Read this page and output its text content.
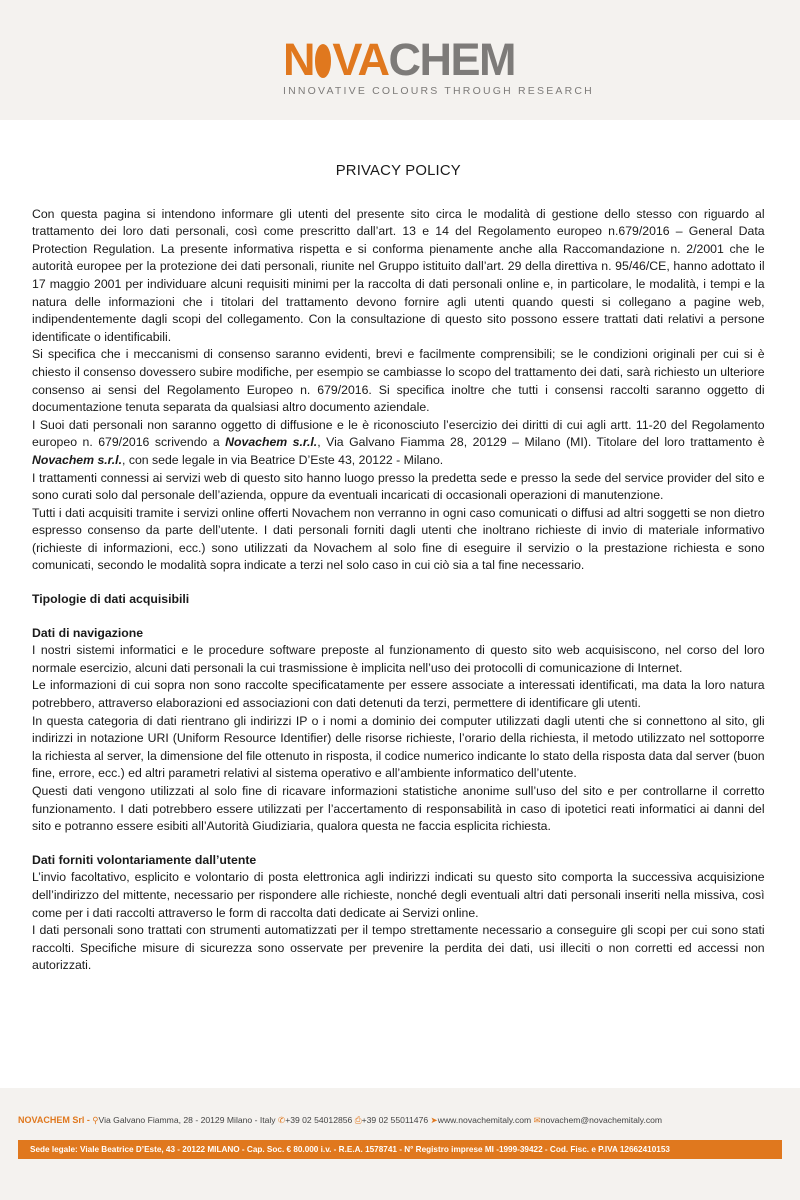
N VA CHEM
INNOVATIVE COLOURS THROUGH RESEARCH
PRIVACY POLICY

Con questa pagina si intendono informare gli utenti del presente sito circa le modalità di gestione dello stesso con riguardo al trattamento dei loro dati personali, così come prescritto dall’art. 13 e 14 del Regolamento europeo n.679/2016 – General Data Protection Regulation. La presente informativa rispetta e si conforma pienamente anche alla Raccomandazione n. 2/2001 che le autorità europee per la protezione dei dati personali, riunite nel Gruppo istituito dall’art. 29 della direttiva n. 95/46/CE, hanno adottato il 17 maggio 2001 per individuare alcuni requisiti minimi per la raccolta di dati personali online e, in particolare, le modalità, i tempi e la natura delle informazioni che i titolari del trattamento devono fornire agli utenti quando questi si collegano a pagine web, indipendentemente dagli scopi del collegamento. Con la consultazione di questo sito possono essere trattati dati relativi a persone identificate o identificabili.

Si specifica che i meccanismi di consenso saranno evidenti, brevi e facilmente comprensibili; se le condizioni originali per cui si è chiesto il consenso dovessero subire modifiche, per esempio se cambiasse lo scopo del trattamento dei dati, sarà richiesto un ulteriore consenso ai sensi del Regolamento Europeo n. 679/2016. Si specifica inoltre che tutti i consensi raccolti saranno oggetto di documentazione tenuta separata da qualsiasi altro documento aziendale.

I Suoi dati personali non saranno oggetto di diffusione e le è riconosciuto l’esercizio dei diritti di cui agli artt. 11-20 del Regolamento europeo n. 679/2016 scrivendo a Novachem s.r.l., Via Galvano Fiamma 28, 20129 – Milano (MI). Titolare del loro trattamento è Novachem s.r.l., con sede legale in via Beatrice D’Este 43, 20122 - Milano.

I trattamenti connessi ai servizi web di questo sito hanno luogo presso la predetta sede e presso la sede del service provider del sito e sono curati solo dal personale dell’azienda, oppure da eventuali incaricati di occasionali operazioni di manutenzione.

Tutti i dati acquisiti tramite i servizi online offerti Novachem non verranno in ogni caso comunicati o diffusi ad altri soggetti se non dietro espresso consenso da parte dell’utente. I dati personali forniti dagli utenti che inoltrano richieste di invio di materiale informativo (richieste di informazioni, ecc.) sono utilizzati da Novachem al solo fine di eseguire il servizio o la prestazione richiesta e sono comunicati, secondo le modalità sopra indicate a terzi nel solo caso in cui ciò sia a tal fine necessario.

Tipologie di dati acquisibili
Dati di navigazione

I nostri sistemi informatici e le procedure software preposte al funzionamento di questo sito web acquisiscono, nel corso del loro normale esercizio, alcuni dati personali la cui trasmissione è implicita nell’uso dei protocolli di comunicazione di Internet.

Le informazioni di cui sopra non sono raccolte specificatamente per essere associate a interessati identificati, ma data la loro natura potrebbero, attraverso elaborazioni ed associazioni con dati detenuti da terzi, permettere di identificare gli utenti.

In questa categoria di dati rientrano gli indirizzi IP o i nomi a dominio dei computer utilizzati dagli utenti che si connettono al sito, gli indirizzi in notazione URI (Uniform Resource Identifier) delle risorse richieste, l’orario della richiesta, il metodo utilizzato nel sottoporre la richiesta al server, la dimensione del file ottenuto in risposta, il codice numerico indicante lo stato della risposta data dal server (buon fine, errore, ecc.) ed altri parametri relativi al sistema operativo e all’ambiente informatico dell’utente.

Questi dati vengono utilizzati al solo fine di ricavare informazioni statistiche anonime sull’uso del sito e per controllarne il corretto funzionamento. I dati potrebbero essere utilizzati per l’accertamento di responsabilità in caso di ipotetici reati informatici ai danni del sito e potranno essere esibiti all’Autorità Giudiziaria, qualora questa ne faccia esplicita richiesta.

Dati forniti volontariamente dall’utente

L’invio facoltativo, esplicito e volontario di posta elettronica agli indirizzi indicati su questo sito comporta la successiva acquisizione dell’indirizzo del mittente, necessario per rispondere alle richieste, nonché degli eventuali altri dati personali inseriti nella missiva, così come per i dati raccolti attraverso le form di raccolta dati dedicate ai Servizi online.

I dati personali sono trattati con strumenti automatizzati per il tempo strettamente necessario a conseguire gli scopi per cui sono stati raccolti. Specifiche misure di sicurezza sono osservate per prevenire la perdita dei dati, usi illeciti o non corretti ed accessi non autorizzati.

NOVACHEM Srl - ⚲Via Galvano Fiamma, 28 - 20129 Milano - Italy ✆+39 02 54012856 ⎙+39 02 55011476 ➤www.novachemitaly.com ✉novachem@novachemitaly.com
Sede legale: Viale Beatrice D’Este, 43 - 20122 MILANO - Cap. Soc. € 80.000 i.v. - R.E.A. 1578741 - N° Registro imprese MI -1999-39422 - Cod. Fisc. e P.IVA 12662410153
